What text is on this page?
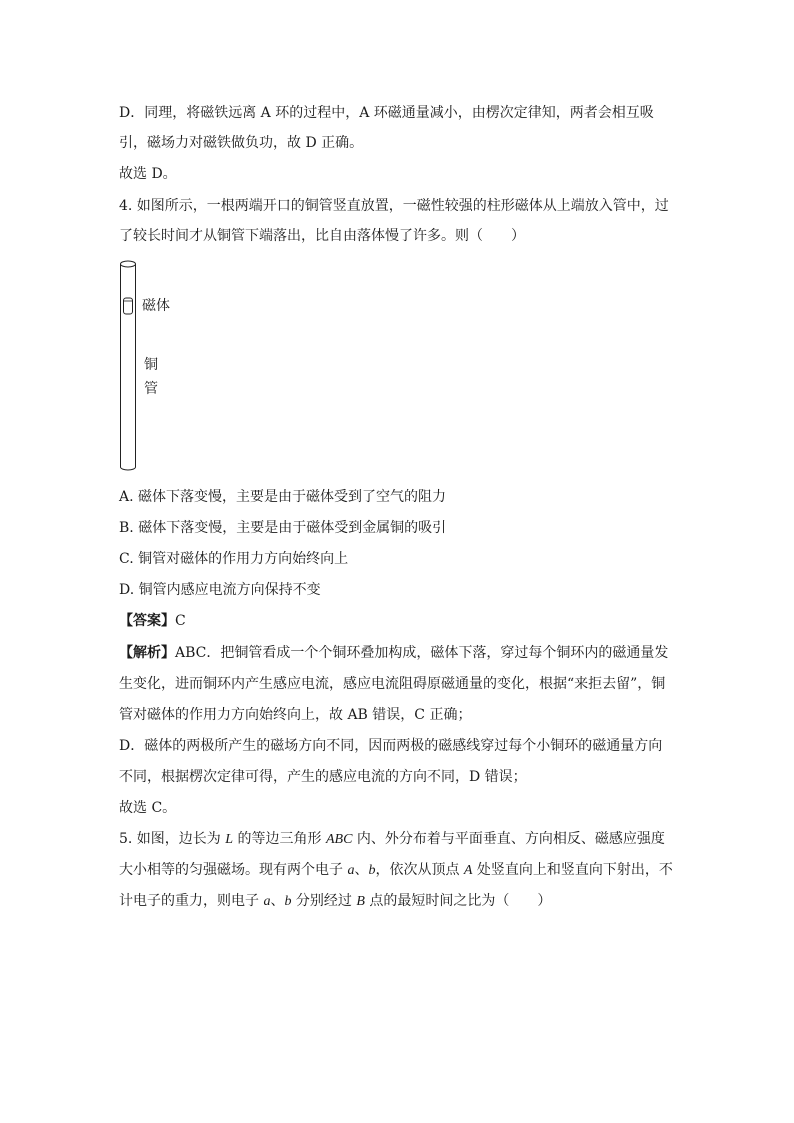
D．同理，将磁铁远离 A 环的过程中，A 环磁通量减小，由楞次定律知，两者会相互吸
引，磁场力对磁铁做负功，故 D 正确。
故选 D。
4. 如图所示，一根两端开口的铜管竖直放置，一磁性较强的柱形磁体从上端放入管中，过
了较长时间才从铜管下端落出，比自由落体慢了许多。则（　　）
磁体
铜
管
A. 磁体下落变慢，主要是由于磁体受到了空气的阻力
B. 磁体下落变慢，主要是由于磁体受到金属铜的吸引
C. 铜管对磁体的作用力方向始终向上
D. 铜管内感应电流方向保持不变
【答案】C
【解析】ABC．把铜管看成一个个铜环叠加构成，磁体下落，穿过每个铜环内的磁通量发
生变化，进而铜环内产生感应电流，感应电流阻碍原磁通量的变化，根据“来拒去留”，铜
管对磁体的作用力方向始终向上，故 AB 错误，C 正确；
D．磁体的两极所产生的磁场方向不同，因而两极的磁感线穿过每个小铜环的磁通量方向
不同，根据楞次定律可得，产生的感应电流的方向不同，D 错误；
故选 C。
5. 如图，边长为 L 的等边三角形 ABC 内、外分布着与平面垂直、方向相反、磁感应强度
大小相等的匀强磁场。现有两个电子 a、b，依次从顶点 A 处竖直向上和竖直向下射出，不
计电子的重力，则电子 a、b 分别经过 B 点的最短时间之比为（　　）
